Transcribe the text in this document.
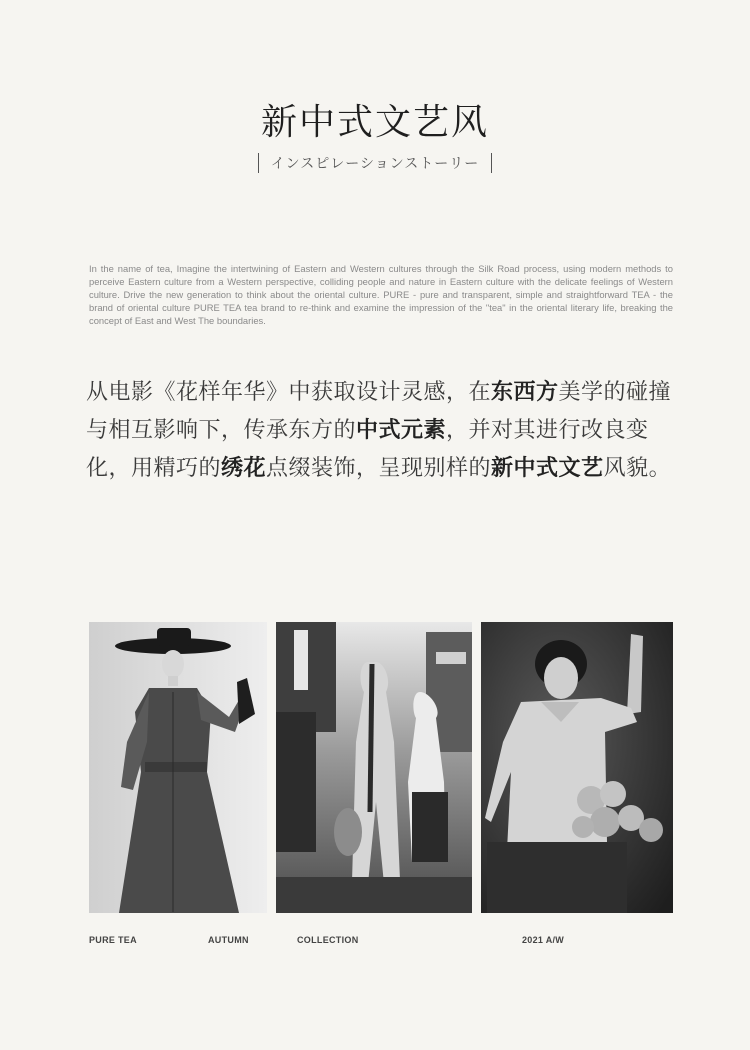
新中式文艺风
インスピレーションストーリー

In the name of tea, Imagine the intertwining of Eastern and Western cultures through the Silk Road process, using modern methods to perceive Eastern culture from a Western perspective, colliding people and nature in Eastern culture with the delicate feelings of Western culture. Drive the new generation to think about the oriental culture. PURE - pure and transparent, simple and straightforward TEA - the brand of oriental culture PURE TEA tea brand to re-think and examine the impression of the "tea" in the oriental literary life, breaking the concept of East and West The boundaries.

从电影《花样年华》中获取设计灵感，在东西方美学的碰撞与相互影响下，传承东方的中式元素，并对其进行改良变化，用精巧的绣花点缀装饰，呈现别样的新中式文艺风貌。

PURE TEA	AUTUMN	COLLECTION	2021 A/W
